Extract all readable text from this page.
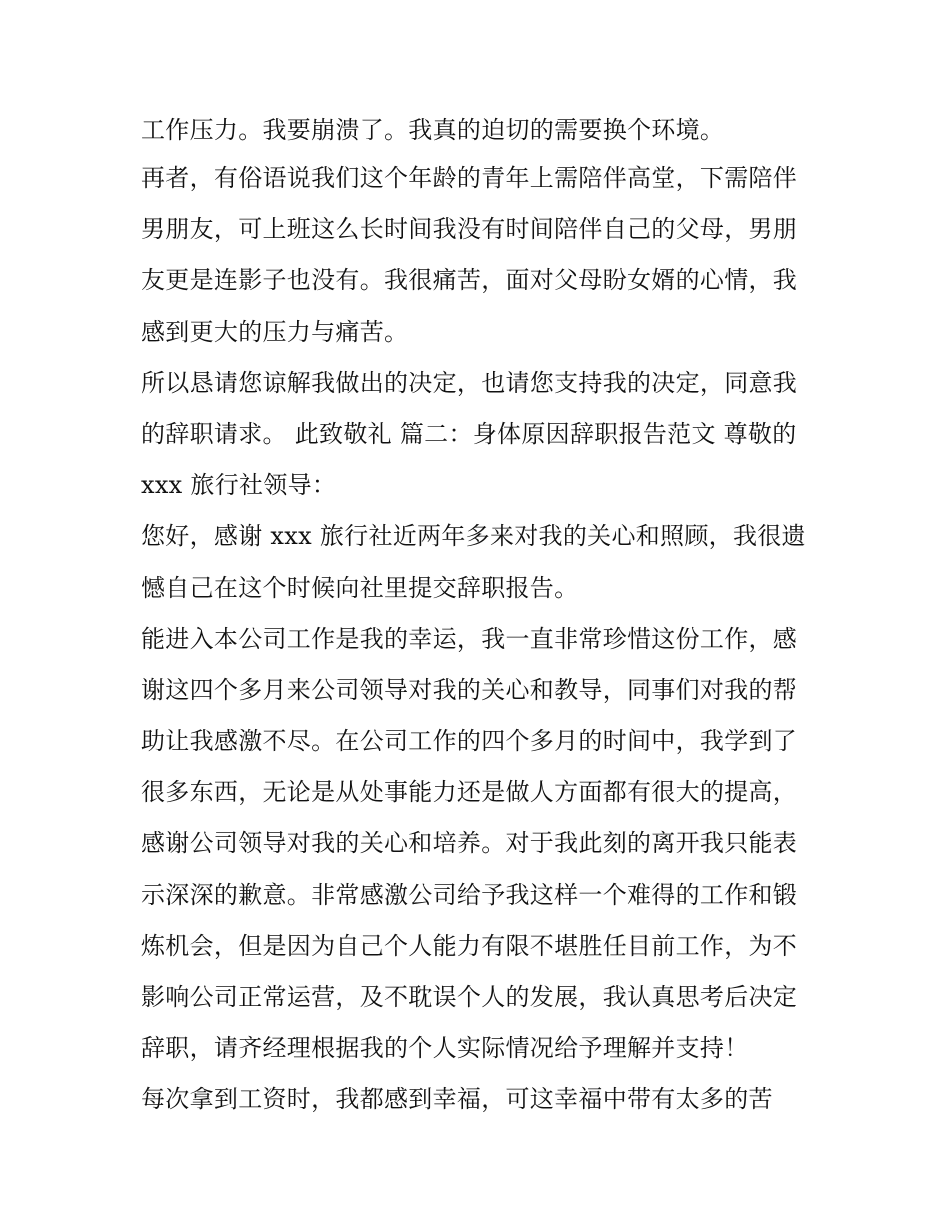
工作压力。我要崩溃了。我真的迫切的需要换个环境。
再者，有俗语说我们这个年龄的青年上需陪伴高堂，下需陪伴
男朋友，可上班这么长时间我没有时间陪伴自己的父母，男朋
友更是连影子也没有。我很痛苦，面对父母盼女婿的心情，我
感到更大的压力与痛苦。
所以恳请您谅解我做出的决定，也请您支持我的决定，同意我
的辞职请求。 此致敬礼 篇二：身体原因辞职报告范文 尊敬的
xxx 旅行社领导：
您好，感谢 xxx 旅行社近两年多来对我的关心和照顾，我很遗
憾自己在这个时候向社里提交辞职报告。
能进入本公司工作是我的幸运，我一直非常珍惜这份工作，感
谢这四个多月来公司领导对我的关心和教导，同事们对我的帮
助让我感激不尽。在公司工作的四个多月的时间中，我学到了
很多东西，无论是从处事能力还是做人方面都有很大的提高，
感谢公司领导对我的关心和培养。对于我此刻的离开我只能表
示深深的歉意。非常感激公司给予我这样一个难得的工作和锻
炼机会，但是因为自己个人能力有限不堪胜任目前工作，为不
影响公司正常运营，及不耽误个人的发展，我认真思考后决定
辞职，请齐经理根据我的个人实际情况给予理解并支持！
每次拿到工资时，我都感到幸福，可这幸福中带有太多的苦
